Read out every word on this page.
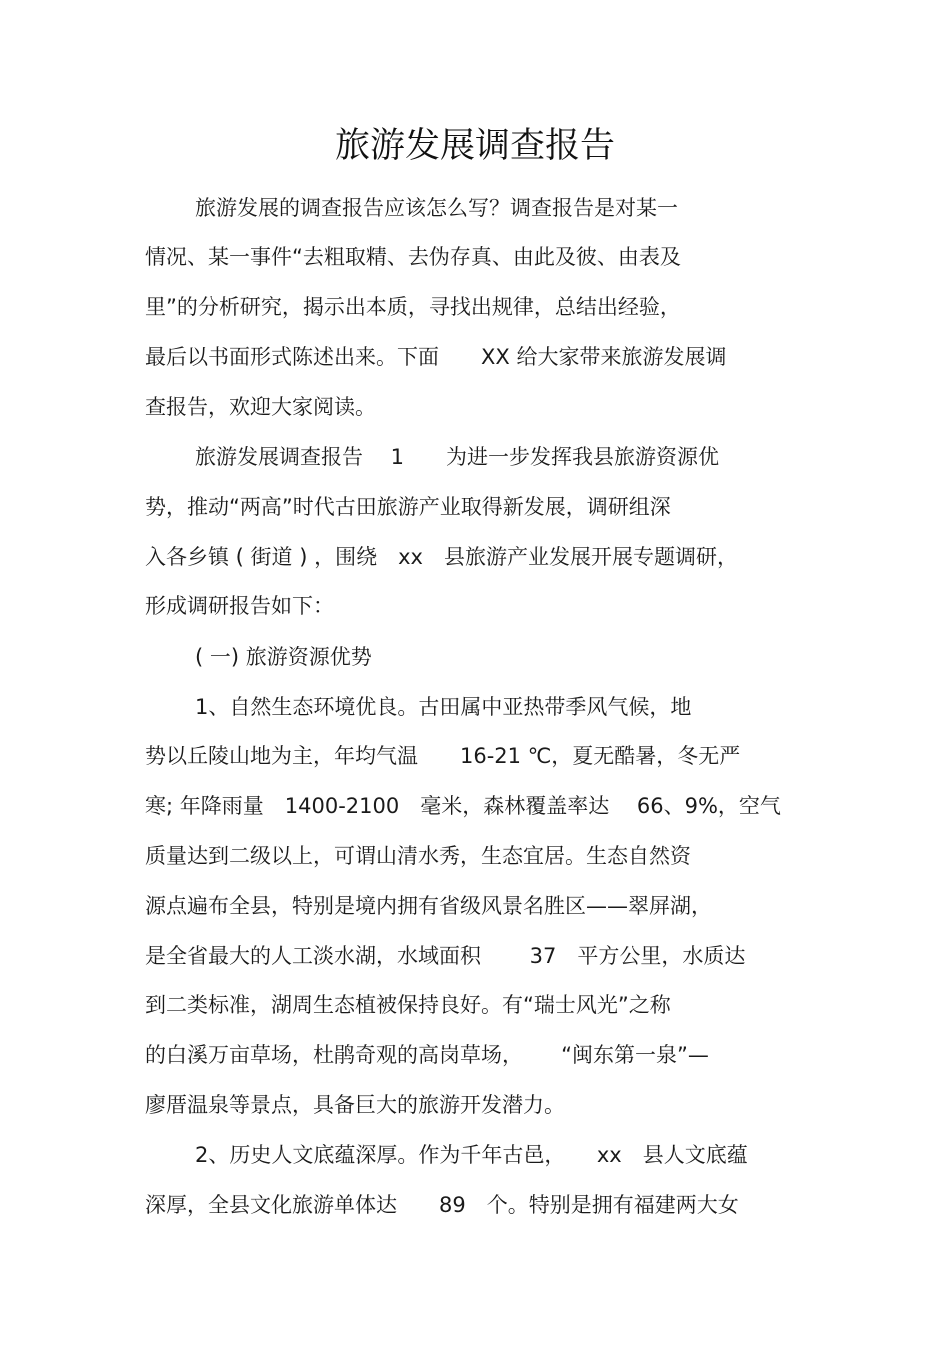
旅游发展调查报告
旅游发展的调查报告应该怎么写？调查报告是对某一
情况、某一事件“去粗取精、去伪存真、由此及彼、由表及
里”的分析研究，揭示出本质，寻找出规律，总结出经验，
最后以书面形式陈述出来。下面　　XX 给大家带来旅游发展调
查报告，欢迎大家阅读。
旅游发展调查报告　 1　　为进一步发挥我县旅游资源优
势，推动“两高”时代古田旅游产业取得新发展，调研组深
入各乡镇 ( 街道 ) ，围绕　xx　县旅游产业发展开展专题调研，
形成调研报告如下：
( 一) 旅游资源优势
1、自然生态环境优良。古田属中亚热带季风气候，地
势以丘陵山地为主，年均气温　　16-21 ℃，夏无酷暑，冬无严
寒; 年降雨量　1400-2100　毫米，森林覆盖率达　 66、9%，空气
质量达到二级以上，可谓山清水秀，生态宜居。生态自然资
源点遍布全县，特别是境内拥有省级风景名胜区——翠屏湖，
是全省最大的人工淡水湖，水域面积　　 37　平方公里，水质达
到二类标准，湖周生态植被保持良好。有“瑞士风光”之称
的白溪万亩草场，杜鹃奇观的高岗草场，　　 “闽东第一泉”—
廖厝温泉等景点，具备巨大的旅游开发潜力。
2、历史人文底蕴深厚。作为千年古邑，　　xx　县人文底蕴
深厚，全县文化旅游单体达　　89　个。特别是拥有福建两大女
